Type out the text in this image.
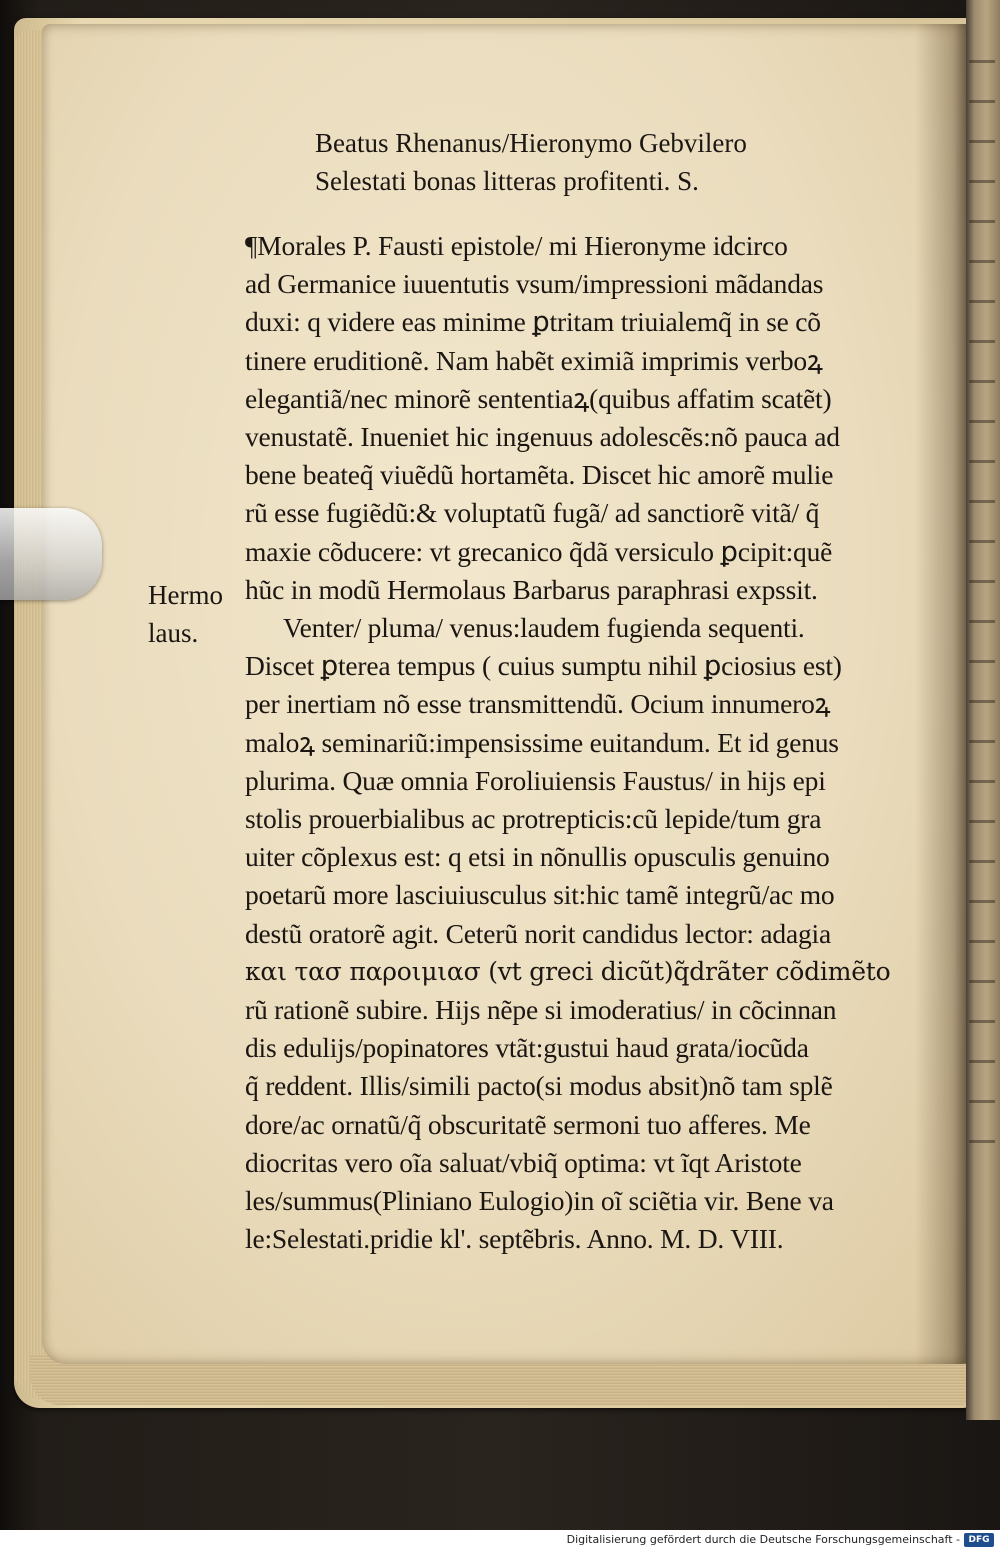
Beatus Rhenanus/Hieronymo Gebvilero
Selestati bonas litteras profitenti. S.
¶Morales P. Fausti epistole/ mi Hieronyme idcirco
ad Germanice iuuentutis vsum/impressioni mãdandas
duxi: q videre eas minime ꝑtritam triuialemq̃ in se cõ
tinere eruditionẽ. Nam habẽt eximiã imprimis verboꝝ
elegantiã/nec minorẽ sententiaꝝ(quibus affatim scatẽt)
venustatẽ. Inueniet hic ingenuus adolescẽs:nõ pauca ad
bene beateq̃ viuẽdũ hortamẽta. Discet hic amorẽ mulie
rũ esse fugiẽdũ:& voluptatũ fugã/ ad sanctiorẽ vitã/ q̃
maxie cõducere: vt grecanico q̃dã versiculo ꝑcipit:quẽ
hũc in modũ Hermolaus Barbarus paraphrasi expssit.
Venter/ pluma/ venus:laudem fugienda sequenti.
Discet ꝑterea tempus ( cuius sumptu nihil ꝑciosius est)
per inertiam nõ esse transmittendũ. Ocium innumeroꝝ
maloꝝ seminariũ:impensissime euitandum. Et id genus
plurima. Quæ omnia Foroliuiensis Faustus/ in hijs epi
stolis prouerbialibus ac protrepticis:cũ lepide/tum gra
uiter cõplexus est: q etsi in nõnullis opusculis genuino
poetarũ more lasciuiusculus sit:hic tamẽ integrũ/ac mo
destũ oratorẽ agit. Ceterũ norit candidus lector: adagia
και τασ παροιμιασ (vt greci dicũt)q̃drãter cõdimẽto
rũ rationẽ subire. Hijs nẽpe si imoderatius/ in cõcinnan
dis edulijs/popinatores vtãt:gustui haud grata/iocũda
q̃ reddent. Illis/simili pacto(si modus absit)nõ tam splẽ
dore/ac ornatũ/q̃ obscuritatẽ sermoni tuo afferes. Me
diocritas vero oĩa saluat/vbiq̃ optima: vt ĩqt Aristote
les/summus(Pliniano Eulogio)in oĩ sciẽtia vir. Bene va
le:Selestati.pridie kl'. septẽbris. Anno. M. D. VIII.
Hermo
laus.
Digitalisierung gefördert durch die Deutsche Forschungsgemeinschaft - DFG
